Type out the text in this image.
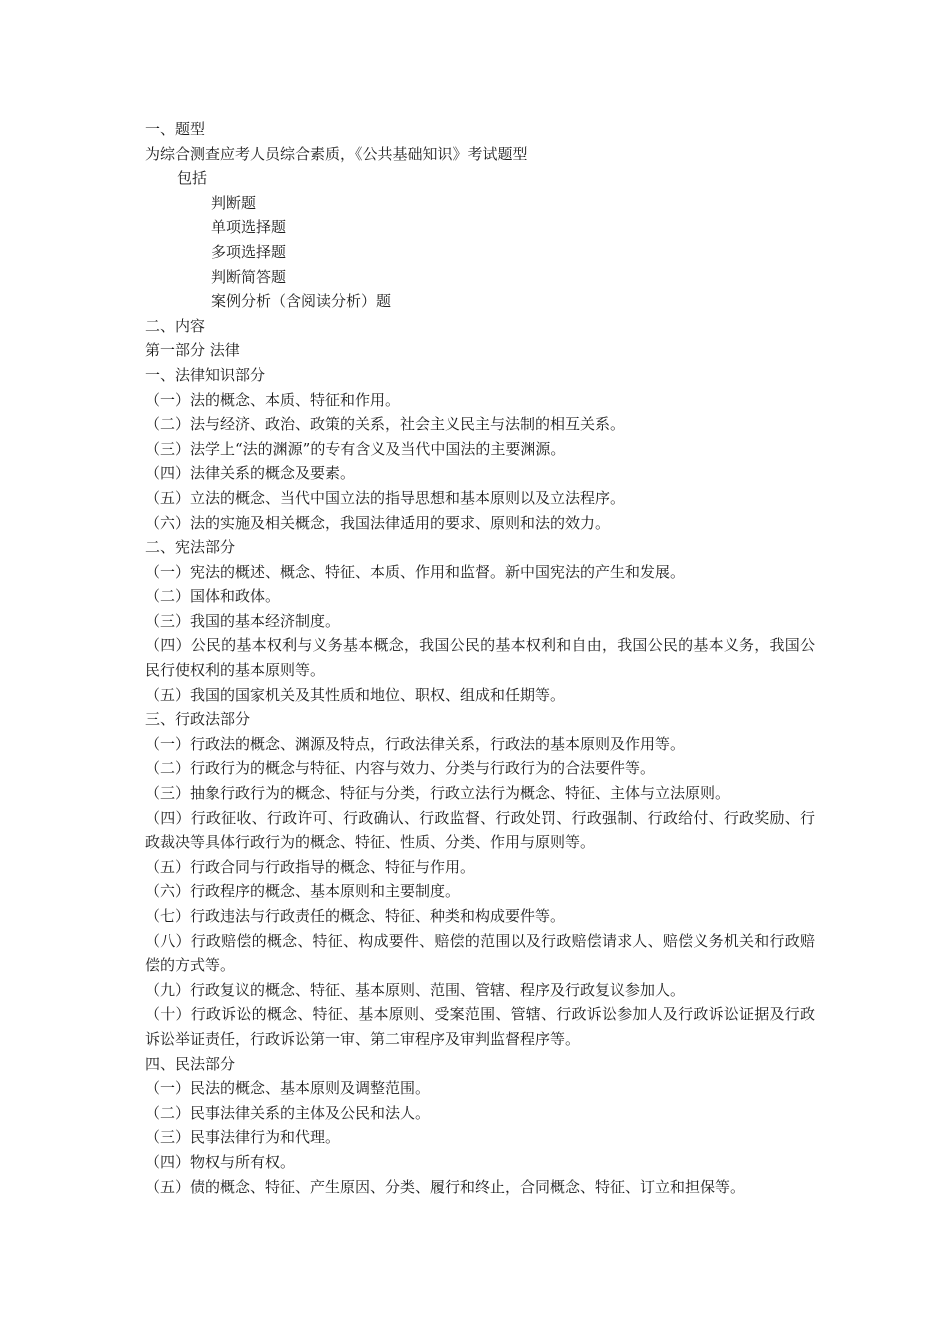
一、题型
为综合测查应考人员综合素质，《公共基础知识》考试题型
包括
判断题
单项选择题
多项选择题
判断简答题
案例分析（含阅读分析）题
二、内容
第一部分 法律
一、法律知识部分
（一）法的概念、本质、特征和作用。
（二）法与经济、政治、政策的关系，社会主义民主与法制的相互关系。
（三）法学上“法的渊源”的专有含义及当代中国法的主要渊源。
（四）法律关系的概念及要素。
（五）立法的概念、当代中国立法的指导思想和基本原则以及立法程序。
（六）法的实施及相关概念，我国法律适用的要求、原则和法的效力。
二、宪法部分
（一）宪法的概述、概念、特征、本质、作用和监督。新中国宪法的产生和发展。
（二）国体和政体。
（三）我国的基本经济制度。
（四）公民的基本权利与义务基本概念，我国公民的基本权利和自由，我国公民的基本义务，我国公民行使权利的基本原则等。
（五）我国的国家机关及其性质和地位、职权、组成和任期等。
三、行政法部分
（一）行政法的概念、渊源及特点，行政法律关系，行政法的基本原则及作用等。
（二）行政行为的概念与特征、内容与效力、分类与行政行为的合法要件等。
（三）抽象行政行为的概念、特征与分类，行政立法行为概念、特征、主体与立法原则。
（四）行政征收、行政许可、行政确认、行政监督、行政处罚、行政强制、行政给付、行政奖励、行政裁决等具体行政行为的概念、特征、性质、分类、作用与原则等。
（五）行政合同与行政指导的概念、特征与作用。
（六）行政程序的概念、基本原则和主要制度。
（七）行政违法与行政责任的概念、特征、种类和构成要件等。
（八）行政赔偿的概念、特征、构成要件、赔偿的范围以及行政赔偿请求人、赔偿义务机关和行政赔偿的方式等。
（九）行政复议的概念、特征、基本原则、范围、管辖、程序及行政复议参加人。
（十）行政诉讼的概念、特征、基本原则、受案范围、管辖、行政诉讼参加人及行政诉讼证据及行政诉讼举证责任，行政诉讼第一审、第二审程序及审判监督程序等。
四、民法部分
（一）民法的概念、基本原则及调整范围。
（二）民事法律关系的主体及公民和法人。
（三）民事法律行为和代理。
（四）物权与所有权。
（五）债的概念、特征、产生原因、分类、履行和终止，合同概念、特征、订立和担保等。
